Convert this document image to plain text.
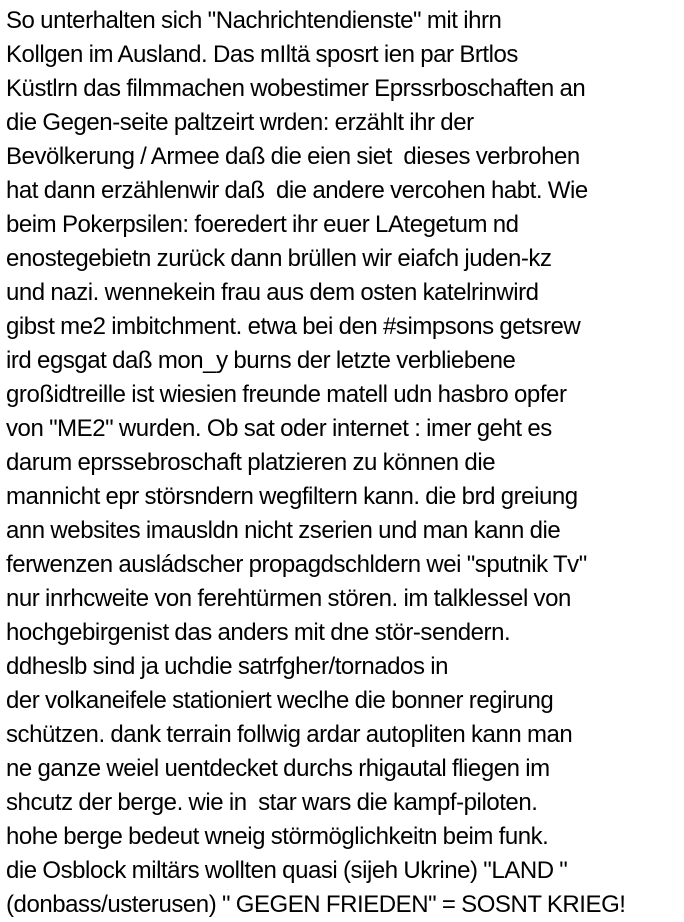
So unterhalten sich "Nachrichtendienste" mit ihrn
Kollgen im Ausland. Das mIltä sposrt ien par Brtlos
Küstlrn das filmmachen wobestimer Eprssrboschaften an
die Gegen-seite paltzeirt wrden: erzählt ihr der
Bevölkerung / Armee daß die eien siet  dieses verbrohen
hat dann erzählenwir daß  die andere vercohen habt. Wie
beim Pokerpsilen: foeredert ihr euer LAtegetum nd
enostegebietn zurück dann brüllen wir eiafch juden-kz
und nazi. wennekein frau aus dem osten katelrinwird
gibst me2 imbitchment. etwa bei den #simpsons getsrew
ird egsgat daß mon_y burns der letzte verbliebene
großidtreille ist wiesien freunde matell udn hasbro opfer
von "ME2" wurden. Ob sat oder internet : imer geht es
darum eprssebroschaft platzieren zu können die
mannicht epr störsndern wegfiltern kann. die brd greiung
ann websites imausldn nicht zserien und man kann die
ferwenzen ausládscher propagdschldern wei "sputnik Tv"
nur inrhcweite von ferehtürmen stören. im talklessel von
hochgebirgenist das anders mit dne stör-sendern.
ddheslb sind ja uchdie satrfgher/tornados in
der volkaneifele stationiert weclhe die bonner regirung
schützen. dank terrain follwig ardar autopliten kann man
ne ganze weiel uentdecket durchs rhigautal fliegen im
shcutz der berge. wie in  star wars die kampf-piloten.
hohe berge bedeut wneig störmöglichkeitn beim funk.
die Osblock miltärs wollten quasi (sijeh Ukrine) "LAND "
(donbass/usterusen) " GEGEN FRIEDEN" = SOSNT KRIEG!
